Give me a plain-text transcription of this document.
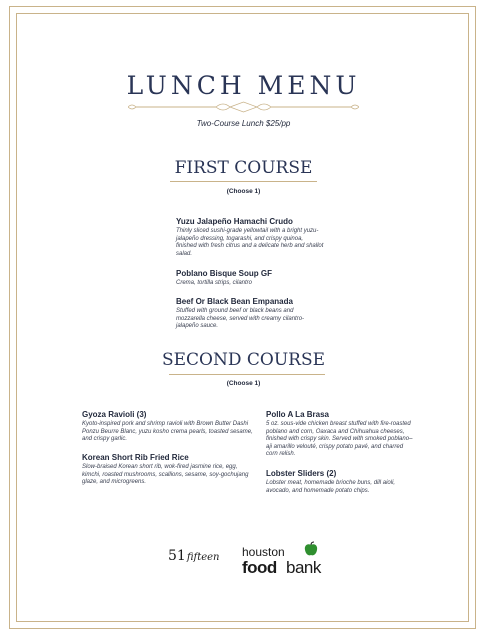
LUNCH MENU
Two-Course Lunch $25/pp
FIRST COURSE
(Choose 1)

Yuzu Jalapeño Hamachi Crudo

Thinly sliced sushi-grade yellowtail with a bright yuzu-jalapeño dressing, togarashi, and crispy quinoa, finished with fresh citrus and a delicate herb and shallot salad.

Poblano Bisque Soup GF

Crema, tortilla strips, cilantro

Beef Or Black Bean Empanada

Stuffed with ground beef or black beans and mozzarella cheese, served with creamy cilantro-jalapeño sauce.

SECOND COURSE
(Choose 1)

Gyoza Ravioli (3)

Kyoto-inspired pork and shrimp ravioli with Brown Butter Dashi Ponzu Beurre Blanc, yuzu kosho crema pearls, toasted sesame, and crispy garlic.

Korean Short Rib Fried Rice

Slow-braised Korean short rib, wok-fired jasmine rice, egg, kimchi, roasted mushrooms, scallions, sesame, soy-gochujang glaze, and microgreens.

Pollo A La Brasa

5 oz. sous-vide chicken breast stuffed with fire-roasted poblano and corn, Oaxaca and Chihuahua cheeses, finished with crispy skin. Served with smoked poblano–aji amarillo velouté, crispy potato pavé, and charred corn relish.

Lobster Sliders (2)

Lobster meat, homemade brioche buns, dill aioli, avocado, and homemade potato chips.

51 fifteen houston
food bank
